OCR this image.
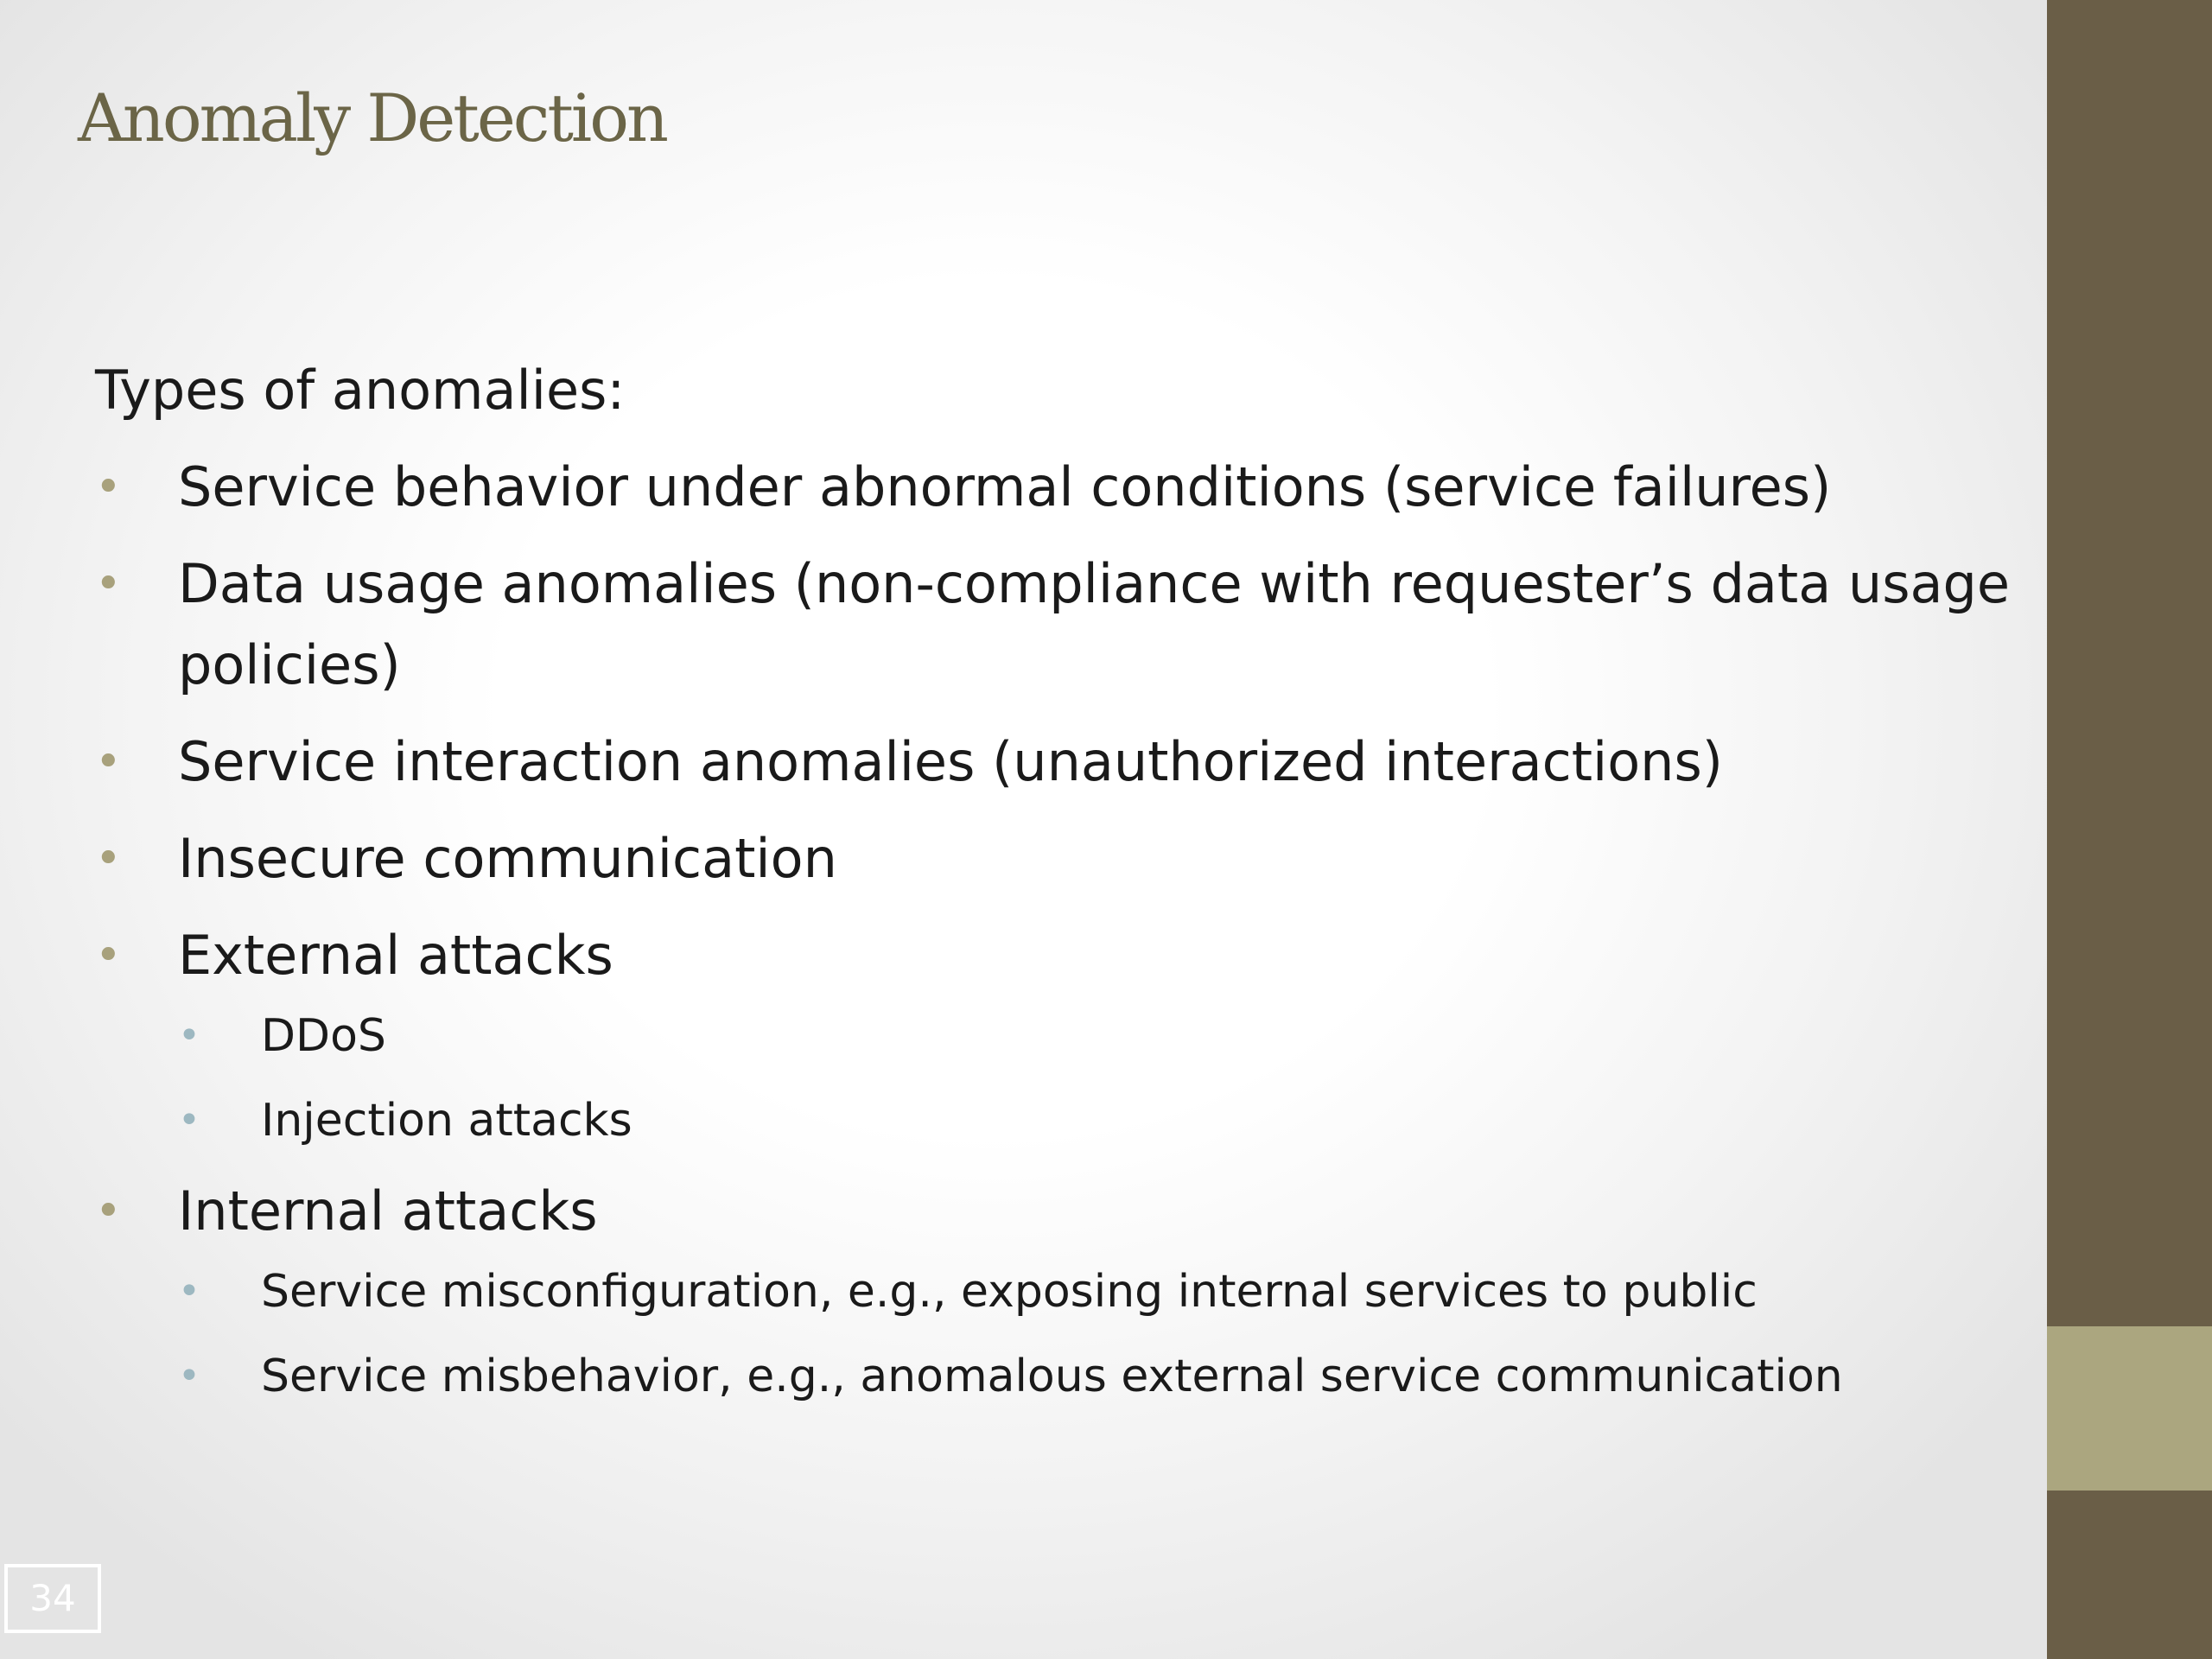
Anomaly Detection

Types of anomalies:

• Service behavior under abnormal conditions (service failures)
• Data usage anomalies (non-compliance with requester’s data usage policies)
• Service interaction anomalies (unauthorized interactions)
• Insecure communication
• External attacks
• DDoS
• Injection attacks
• Internal attacks
• Service misconfiguration, e.g., exposing internal services to public
• Service misbehavior, e.g., anomalous external service communication
34
